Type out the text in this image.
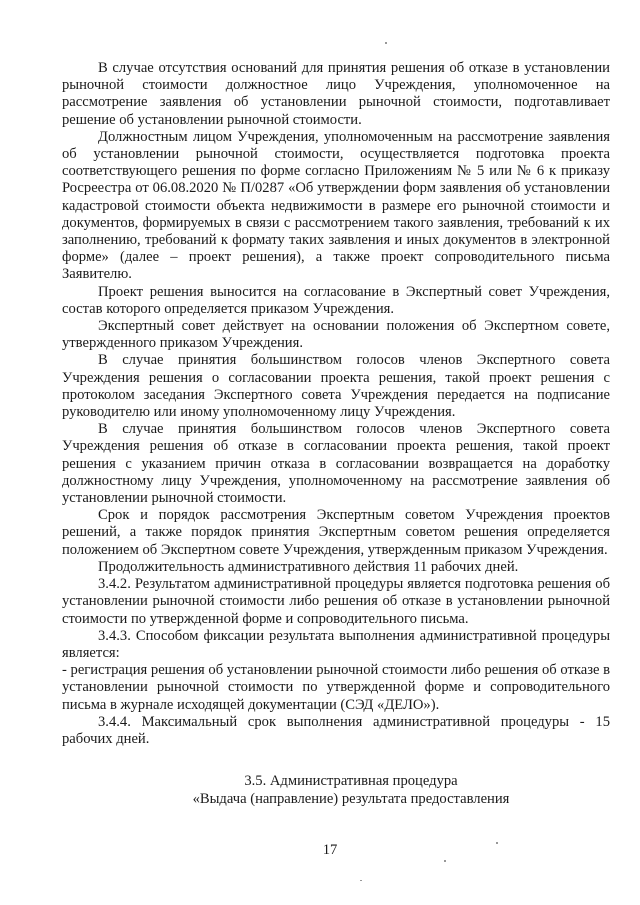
В случае отсутствия оснований для принятия решения об отказе в установлении рыночной стоимости должностное лицо Учреждения, уполномоченное на рассмотрение заявления об установлении рыночной стоимости, подготавливает решение об установлении рыночной стоимости.

Должностным лицом Учреждения, уполномоченным на рассмотрение заявления об установлении рыночной стоимости, осуществляется подготовка проекта соответствующего решения по форме согласно Приложениям № 5 или № 6 к приказу Росреестра от 06.08.2020 № П/0287 «Об утверждении форм заявления об установлении кадастровой стоимости объекта недвижимости в размере его рыночной стоимости и документов, формируемых в связи с рассмотрением такого заявления, требований к их заполнению, требований к формату таких заявления и иных документов в электронной форме» (далее – проект решения), а также проект сопроводительного письма Заявителю.

Проект решения выносится на согласование в Экспертный совет Учреждения, состав которого определяется приказом Учреждения.

Экспертный совет действует на основании положения об Экспертном совете, утвержденного приказом Учреждения.

В случае принятия большинством голосов членов Экспертного совета Учреждения решения о согласовании проекта решения, такой проект решения с протоколом заседания Экспертного совета Учреждения передается на подписание руководителю или иному уполномоченному лицу Учреждения.

В случае принятия большинством голосов членов Экспертного совета Учреждения решения об отказе в согласовании проекта решения, такой проект решения с указанием причин отказа в согласовании возвращается на доработку должностному лицу Учреждения, уполномоченному на рассмотрение заявления об установлении рыночной стоимости.

Срок и порядок рассмотрения Экспертным советом Учреждения проектов решений, а также порядок принятия Экспертным советом решения определяется положением об Экспертном совете Учреждения, утвержденным приказом Учреждения.

Продолжительность административного действия 11 рабочих дней.

3.4.2. Результатом административной процедуры является подготовка решения об установлении рыночной стоимости либо решения об отказе в установлении рыночной стоимости по утвержденной форме и сопроводительного письма.

3.4.3. Способом фиксации результата выполнения административной процедуры является:

- регистрация решения об установлении рыночной стоимости либо решения об отказе в установлении рыночной стоимости по утвержденной форме и сопроводительного письма в журнале исходящей документации (СЭД «ДЕЛО»).

3.4.4. Максимальный срок выполнения административной процедуры - 15 рабочих дней.

3.5. Административная процедура
«Выдача (направление) результата предоставления
17
